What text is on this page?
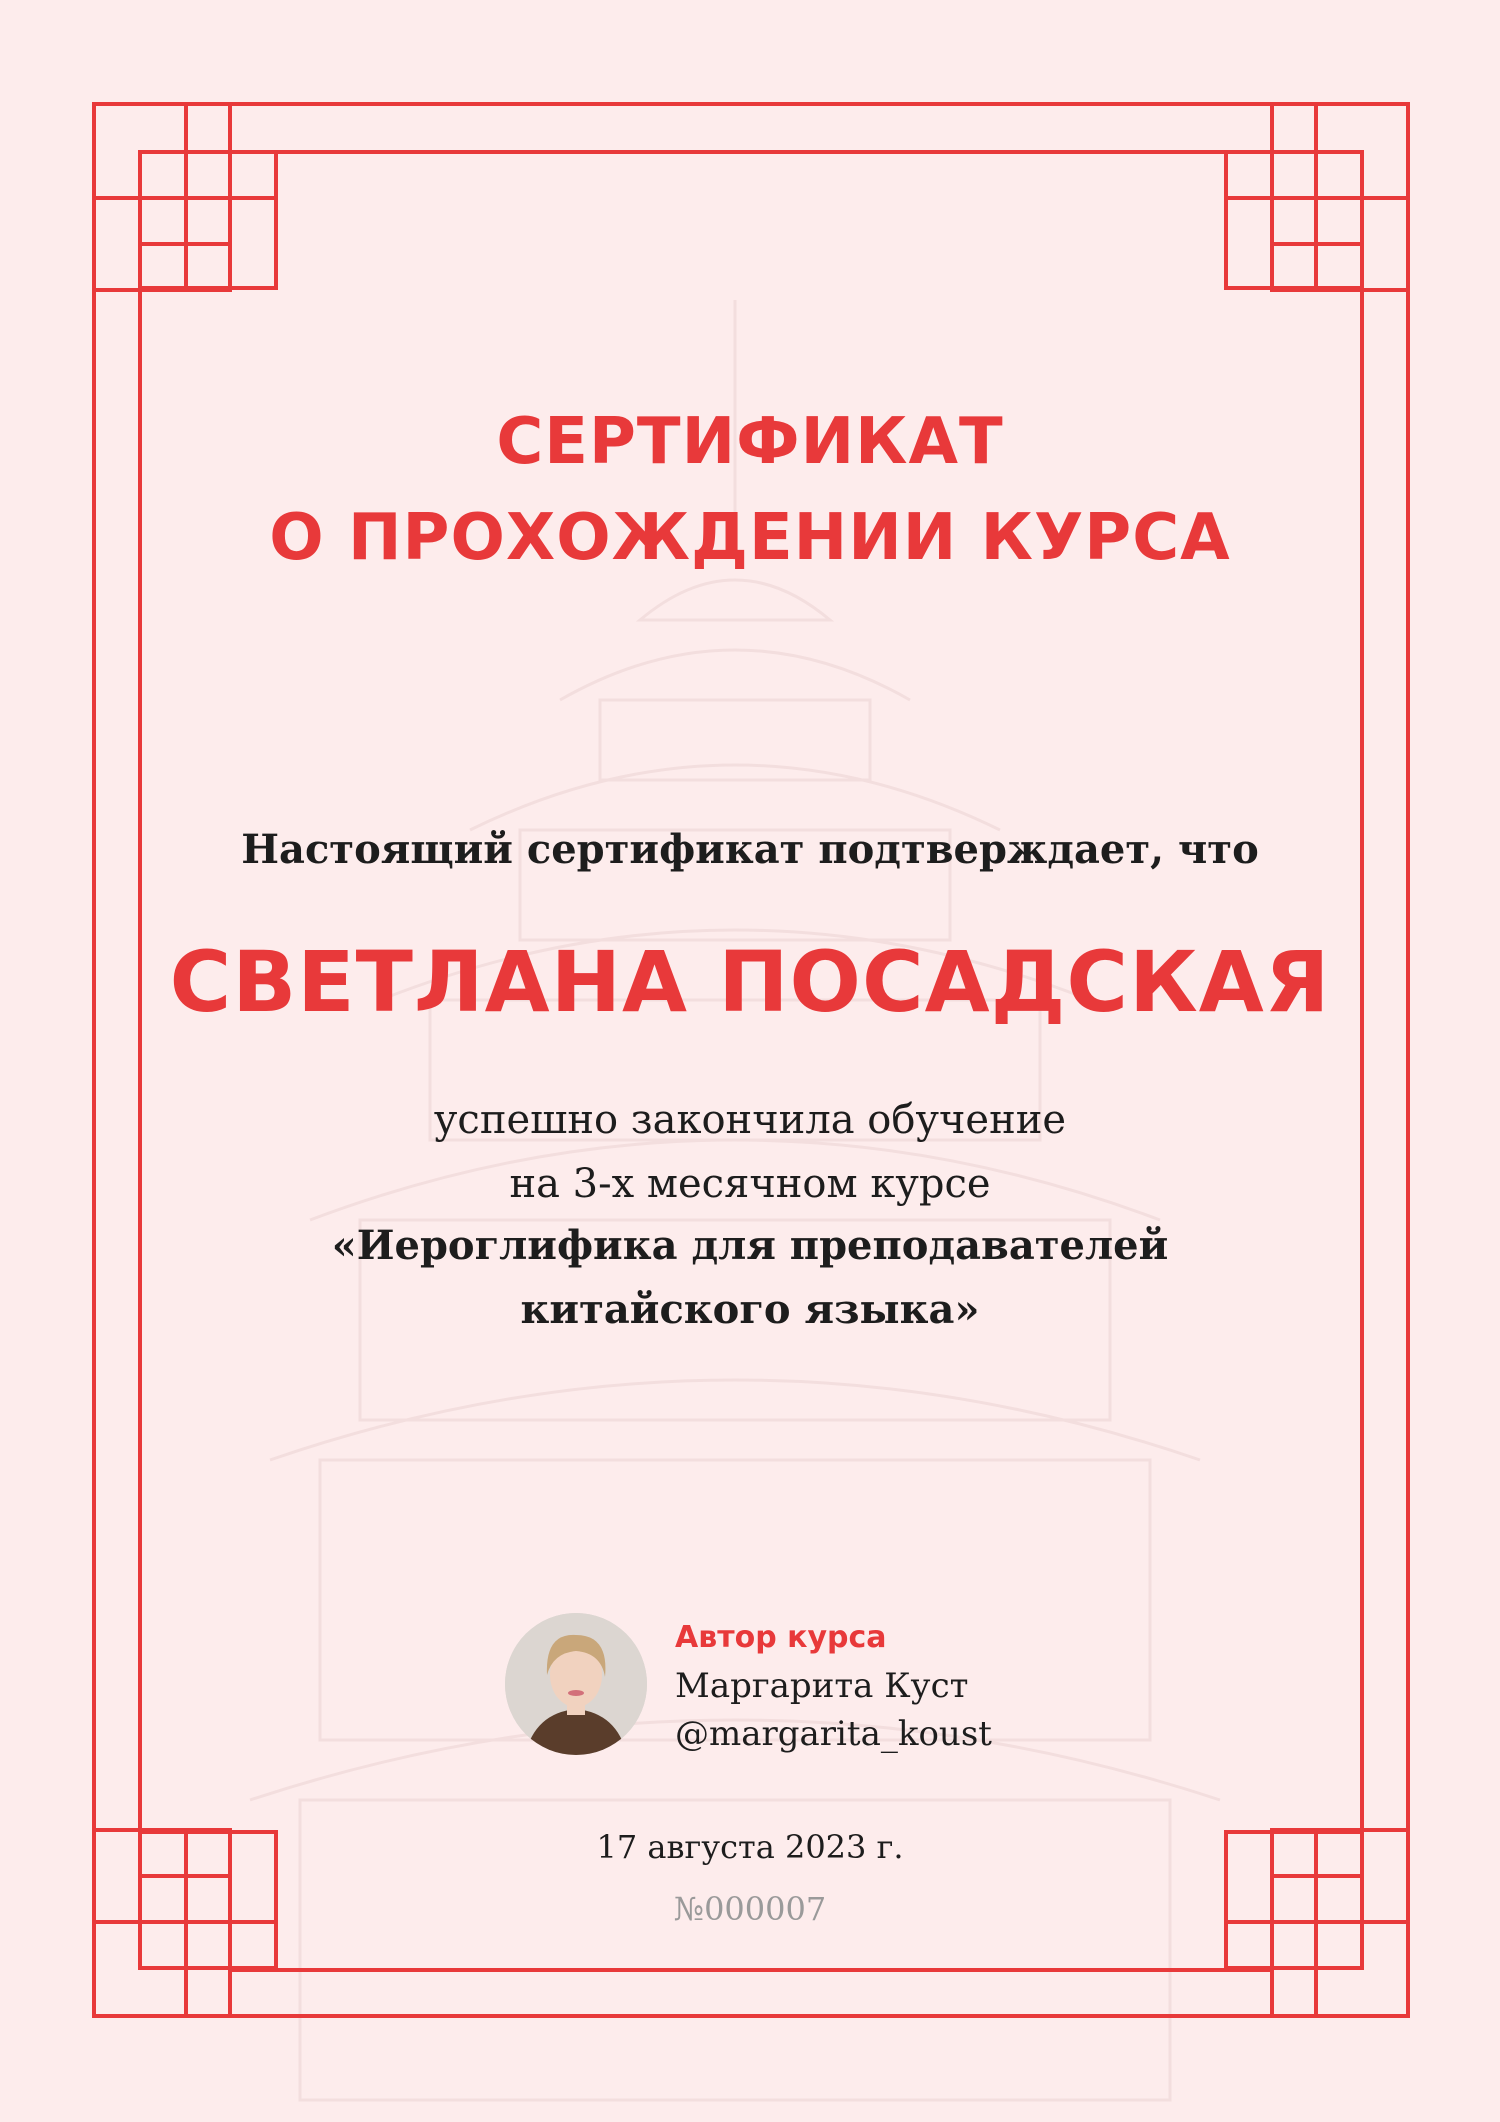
СЕРТИФИКАТ
О ПРОХОЖДЕНИИ КУРСА
Настоящий сертификат подтверждает, что
СВЕТЛАНА ПОСАДСКАЯ
успешно закончила обучение
на 3-х месячном курсе
«Иероглифика для преподавателей
китайского языка»
Автор курса
Маргарита Куст
@margarita_koust
17 августа 2023 г.
№000007
